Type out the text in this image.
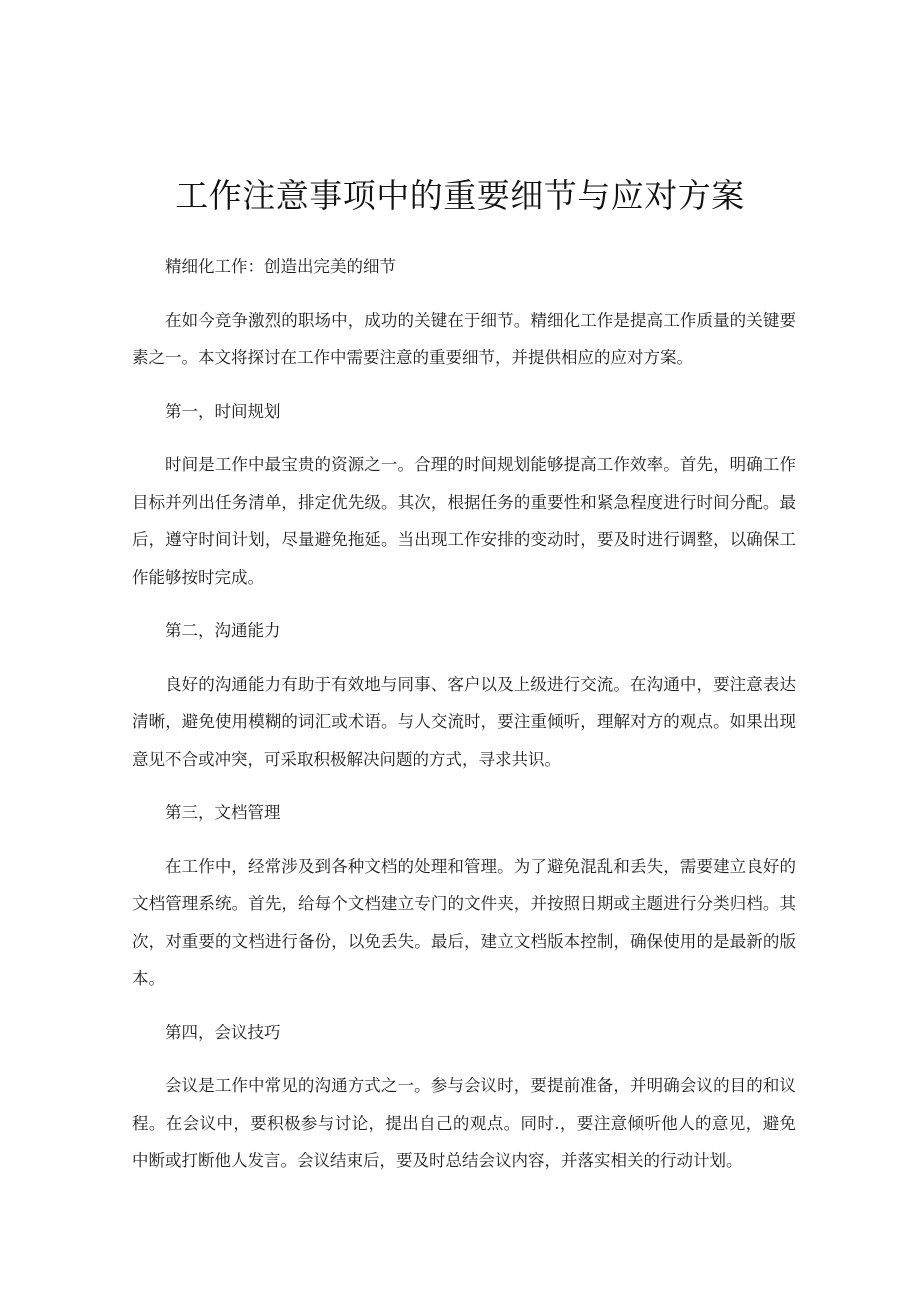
工作注意事项中的重要细节与应对方案

精细化工作：创造出完美的细节

在如今竞争激烈的职场中，成功的关键在于细节。精细化工作是提高工作质量的关键要素之一。本文将探讨在工作中需要注意的重要细节，并提供相应的应对方案。

第一，时间规划

时间是工作中最宝贵的资源之一。合理的时间规划能够提高工作效率。首先，明确工作目标并列出任务清单，排定优先级。其次，根据任务的重要性和紧急程度进行时间分配。最后，遵守时间计划，尽量避免拖延。当出现工作安排的变动时，要及时进行调整，以确保工作能够按时完成。

第二，沟通能力

良好的沟通能力有助于有效地与同事、客户以及上级进行交流。在沟通中，要注意表达清晰，避免使用模糊的词汇或术语。与人交流时，要注重倾听，理解对方的观点。如果出现意见不合或冲突，可采取积极解决问题的方式，寻求共识。

第三，文档管理

在工作中，经常涉及到各种文档的处理和管理。为了避免混乱和丢失，需要建立良好的文档管理系统。首先，给每个文档建立专门的文件夹，并按照日期或主题进行分类归档。其次，对重要的文档进行备份，以免丢失。最后，建立文档版本控制，确保使用的是最新的版本。

第四，会议技巧

会议是工作中常见的沟通方式之一。参与会议时，要提前准备，并明确会议的目的和议程。在会议中，要积极参与讨论，提出自己的观点。同时.，要注意倾听他人的意见，避免中断或打断他人发言。会议结束后，要及时总结会议内容，并落实相关的行动计划。
